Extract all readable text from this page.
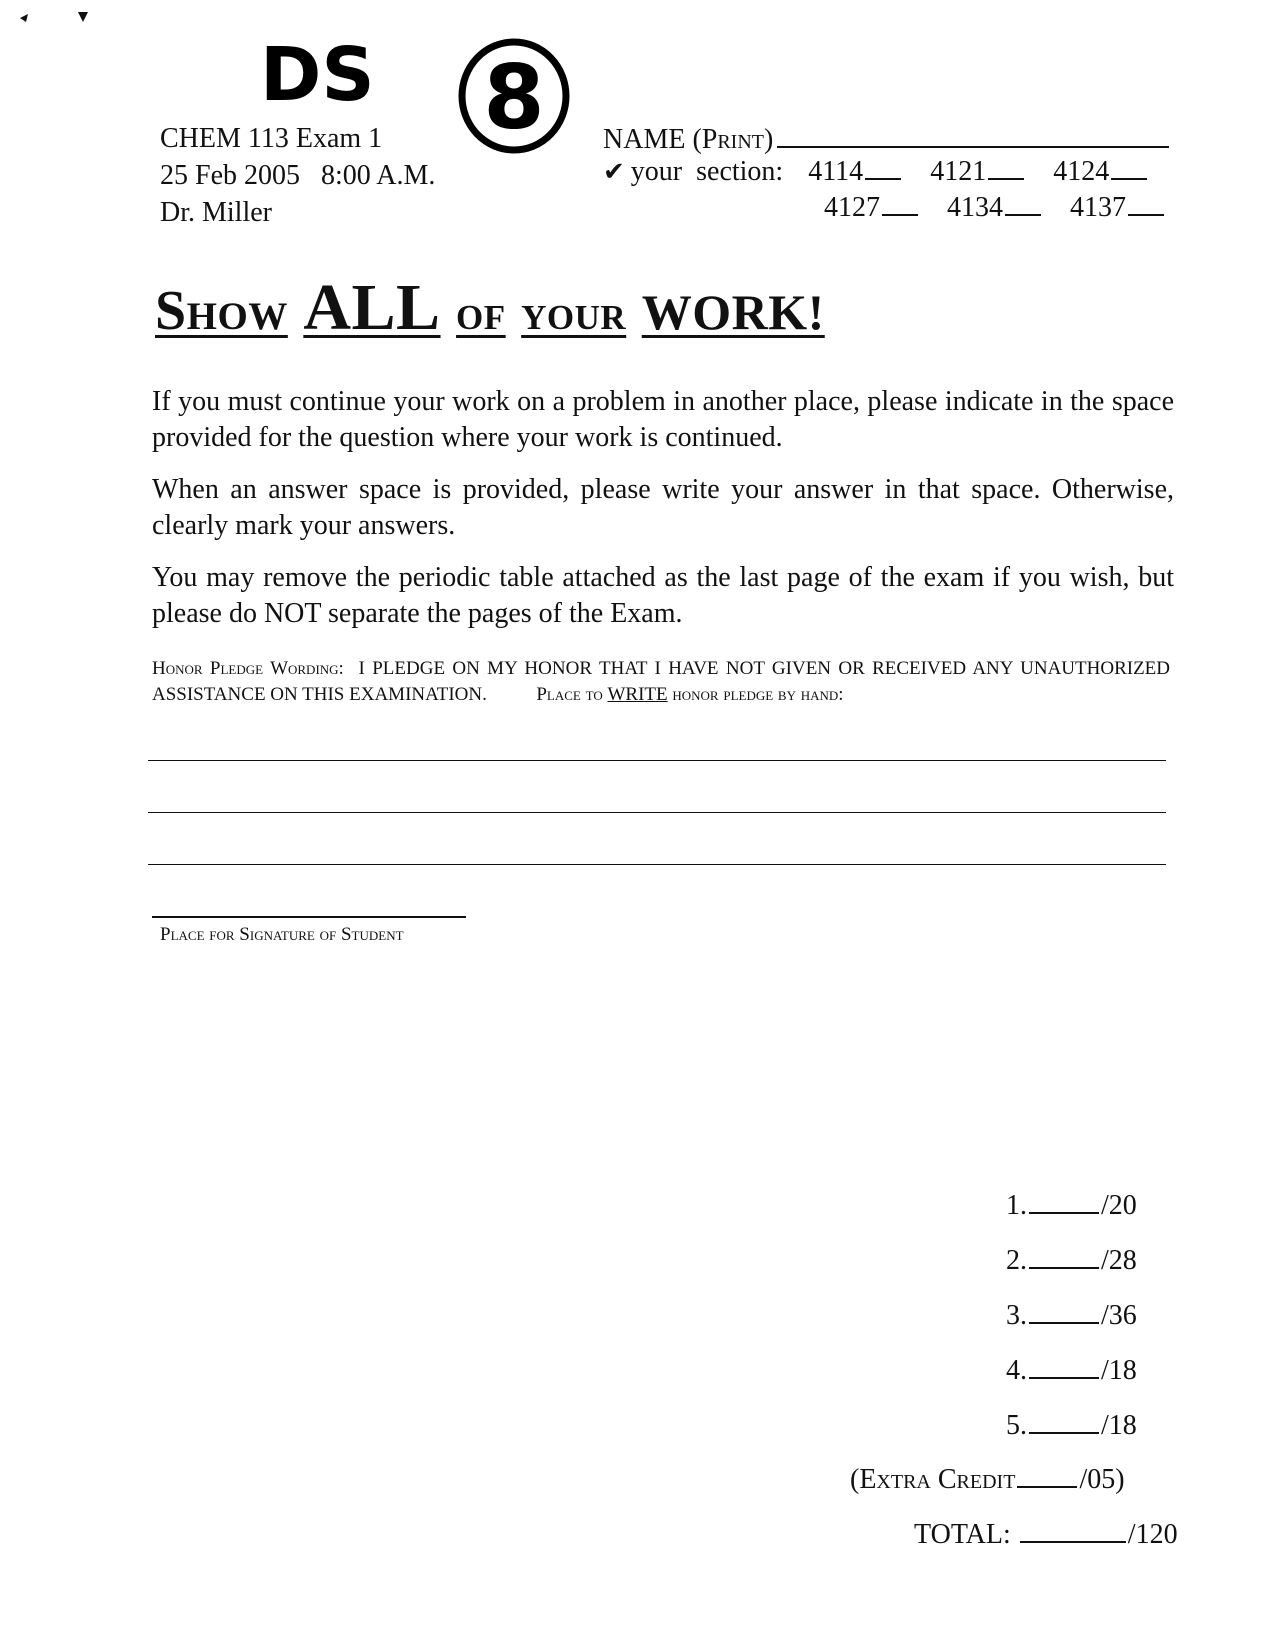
DS 8
CHEM 113 Exam 1
25 Feb 2005   8:00 A.M.
Dr. Miller
NAME (Print)
✔ your  section: 4114 4121 4124
4127 4134 4137
Show ALL of your WORK!
If you must continue your work on a problem in another place, please indicate in the space provided for the question where your work is continued.
When an answer space is provided, please write your answer in that space. Otherwise, clearly mark your answers.
You may remove the periodic table attached as the last page of the exam if you wish, but please do NOT separate the pages of the Exam.
Honor Pledge Wording: I PLEDGE ON MY HONOR THAT I HAVE NOT GIVEN OR RECEIVED ANY UNAUTHORIZED ASSISTANCE ON THIS EXAMINATION.	Place to WRITE honor pledge by hand:
Place for Signature of Student
1.	/20
2.	/28
3.	/36
4.	/18
5.	/18
(Extra Credit /05)
TOTAL:	/120
